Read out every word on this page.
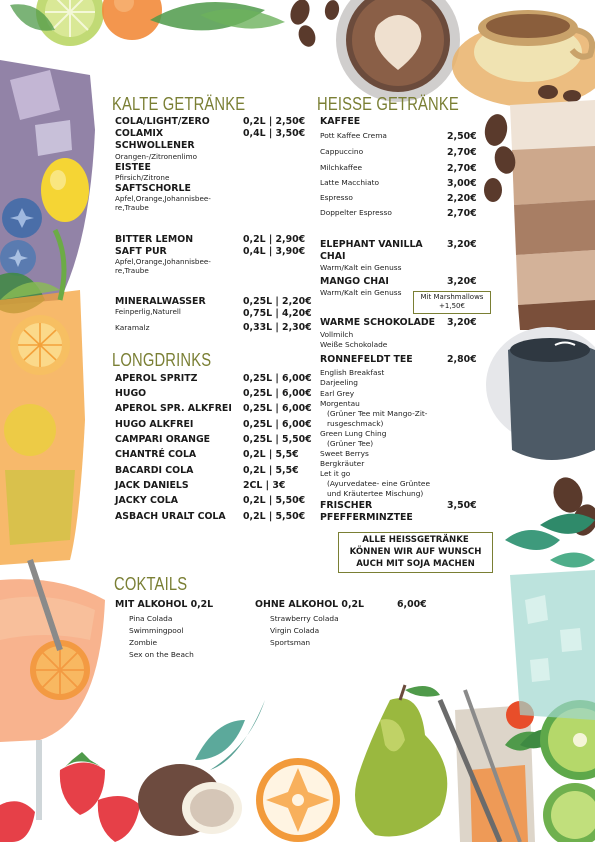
KALTE GETRÄNKE
COLA/LIGHT/ZERO	0,2L | 2,50€
COLAMIX	0,4L | 3,50€
SCHWOLLENER
Orangen-/Zitronenlimo
EISTEE
Pfirsich/Zitrone
SAFTSCHORLE
Apfel,Orange,Johannisbee-
re,Traube
BITTER LEMON	0,2L | 2,90€
SAFT PUR	0,4L | 3,90€
Apfel,Orange,Johannisbee-
re,Traube
MINERALWASSER	0,25L | 2,20€
Feinperlig,Naturell	0,75L | 4,20€
Karamalz	0,33L | 2,30€
LONGDRINKS
APEROL SPRITZ	0,25L | 6,00€
HUGO	0,25L | 6,00€
APEROL SPR. ALKFREI 0,25L | 6,00€
HUGO ALKFREI	0,25L | 6,00€
CAMPARI ORANGE	0,25L | 5,50€
CHANTRÉ COLA	0,2L | 5,5€
BACARDI COLA	0,2L | 5,5€
JACK DANIELS	2CL | 3€
JACKY COLA	0,2L | 5,50€
ASBACH URALT COLA 0,2L | 5,50€
HEISSE GETRÄNKE
KAFFEE
Pott Kaffee Crema	2,50€
Cappuccino	2,70€
Milchkaffee	2,70€
Latte Macchiato	3,00€
Espresso	2,20€
Doppelter Espresso	2,70€
ELEPHANT VANILLA	3,20€
CHAI
Warm/Kalt ein Genuss
MANGO CHAI	3,20€
Warm/Kalt ein Genuss	Mit Marshmallows
+1,50€
WARME SCHOKOLADE 3,20€
Vollmilch
Weiße Schokolade
RONNEFELDT TEE	2,80€
English Breakfast
Darjeeling
Earl Grey
Morgentau
(Grüner Tee mit Mango-Zit-
rusgeschmack)
Green Lung Ching
(Grüner Tee)
Sweet Berrys
Bergkräuter
Let it go
(Ayurvedatee- eine Grüntee
und Kräutertee Mischung)
FRISCHER	3,50€
PFEFFERMINZTEE
ALLE HEISSGETRÄNKE
KÖNNEN WIR AUF WUNSCH
AUCH MIT SOJA MACHEN
COKTAILS
MIT ALKOHOL 0,2L
Pina Colada
Swimmingpool
Zombie
Sex on the Beach
OHNE ALKOHOL 0,2L	6,00€
Strawberry Colada
Virgin Colada
Sportsman
